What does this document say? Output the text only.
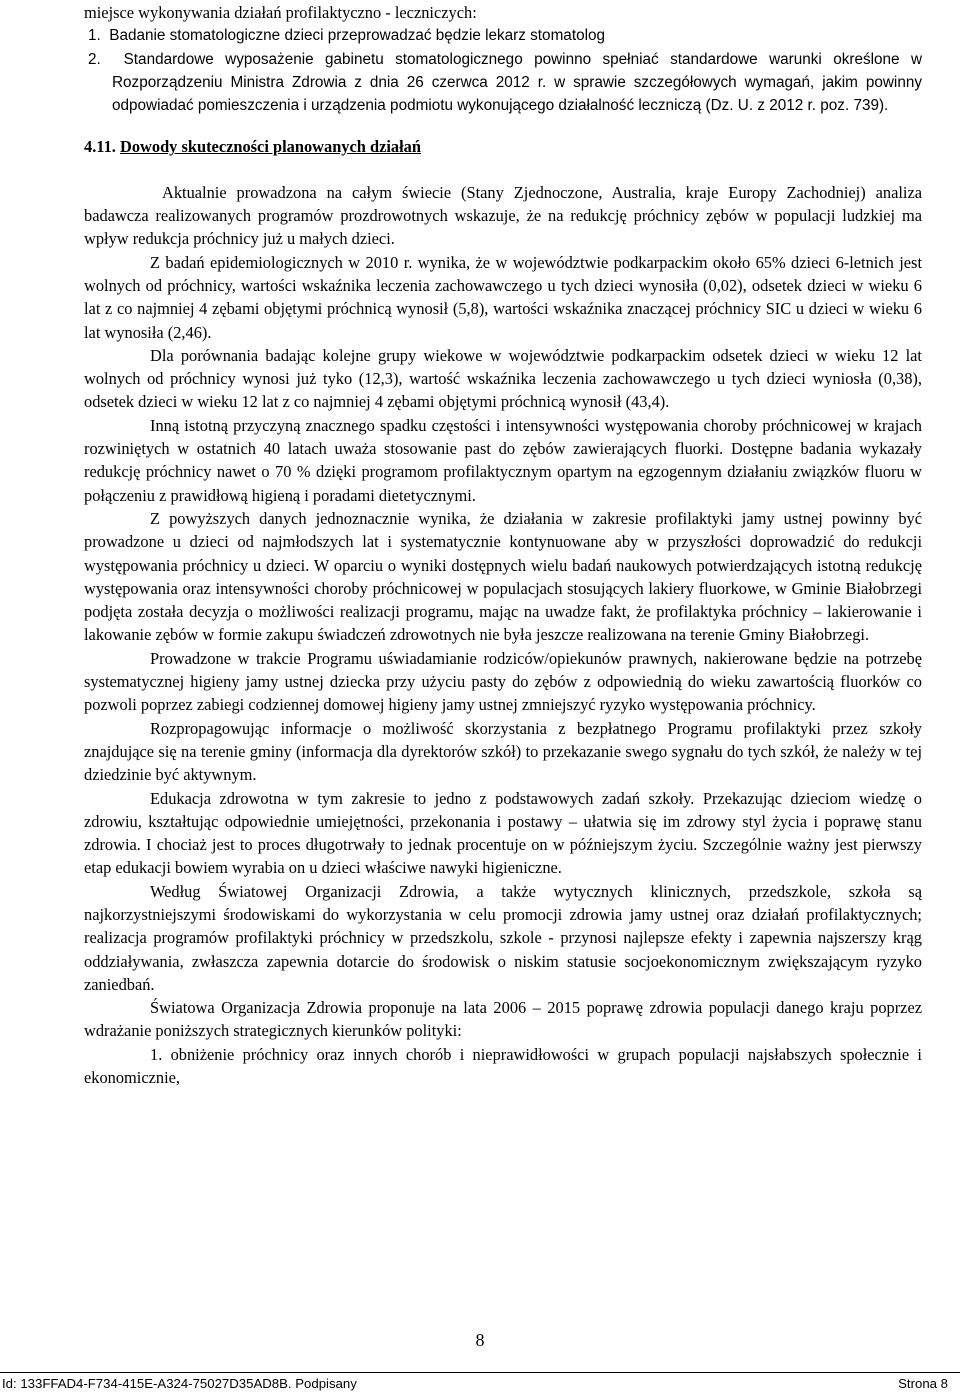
miejsce wykonywania działań profilaktyczno - leczniczych:

1. Badanie stomatologiczne dzieci przeprowadzać będzie lekarz stomatolog

2. Standardowe wyposażenie gabinetu stomatologicznego powinno spełniać standardowe warunki określone w Rozporządzeniu Ministra Zdrowia z dnia 26 czerwca 2012 r. w sprawie szczegółowych wymagań, jakim powinny odpowiadać pomieszczenia i urządzenia podmiotu wykonującego działalność leczniczą (Dz. U. z 2012 r. poz. 739).

4.11. Dowody skuteczności planowanych działań

Aktualnie prowadzona na całym świecie (Stany Zjednoczone, Australia, kraje Europy Zachodniej) analiza badawcza realizowanych programów prozdrowotnych wskazuje, że na redukcję próchnicy zębów w populacji ludzkiej ma wpływ redukcja próchnicy już u małych dzieci.

Z badań epidemiologicznych w 2010 r. wynika, że w województwie podkarpackim około 65% dzieci 6-letnich jest wolnych od próchnicy, wartości wskaźnika leczenia zachowawczego u tych dzieci wynosiła (0,02), odsetek dzieci w wieku 6 lat z co najmniej 4 zębami objętymi próchnicą wynosił (5,8), wartości wskaźnika znaczącej próchnicy SIC u dzieci w wieku 6 lat wynosiła (2,46).

Dla porównania badając kolejne grupy wiekowe w województwie podkarpackim odsetek dzieci w wieku 12 lat wolnych od próchnicy wynosi już tyko (12,3), wartość wskaźnika leczenia zachowawczego u tych dzieci wyniosła (0,38), odsetek dzieci w wieku 12 lat z co najmniej 4 zębami objętymi próchnicą wynosił (43,4).

Inną istotną przyczyną znacznego spadku częstości i intensywności występowania choroby próchnicowej w krajach rozwiniętych w ostatnich 40 latach uważa stosowanie past do zębów zawierających fluorki. Dostępne badania wykazały redukcję próchnicy nawet o 70 % dzięki programom profilaktycznym opartym na egzogennym działaniu związków fluoru w połączeniu z prawidłową higieną i poradami dietetycznymi.

Z powyższych danych jednoznacznie wynika, że działania w zakresie profilaktyki jamy ustnej powinny być prowadzone u dzieci od najmłodszych lat i systematycznie kontynuowane aby w przyszłości doprowadzić do redukcji występowania próchnicy u dzieci. W oparciu o wyniki dostępnych wielu badań naukowych potwierdzających istotną redukcję występowania oraz intensywności choroby próchnicowej w populacjach stosujących lakiery fluorkowe, w Gminie Białobrzegi podjęta została decyzja o możliwości realizacji programu, mając na uwadze fakt, że profilaktyka próchnicy – lakierowanie i lakowanie zębów w formie zakupu świadczeń zdrowotnych nie była jeszcze realizowana na terenie Gminy Białobrzegi.

Prowadzone w trakcie Programu uświadamianie rodziców/opiekunów prawnych, nakierowane będzie na potrzebę systematycznej higieny jamy ustnej dziecka przy użyciu pasty do zębów z odpowiednią do wieku zawartością fluorków co pozwoli poprzez zabiegi codziennej domowej higieny jamy ustnej zmniejszyć ryzyko występowania próchnicy.

Rozpropagowując informacje o możliwość skorzystania z bezpłatnego Programu profilaktyki przez szkoły znajdujące się na terenie gminy (informacja dla dyrektorów szkół) to przekazanie swego sygnału do tych szkół, że należy w tej dziedzinie być aktywnym.

Edukacja zdrowotna w tym zakresie to jedno z podstawowych zadań szkoły. Przekazując dzieciom wiedzę o zdrowiu, kształtując odpowiednie umiejętności, przekonania i postawy – ułatwia się im zdrowy styl życia i poprawę stanu zdrowia. I chociaż jest to proces długotrwały to jednak procentuje on w późniejszym życiu. Szczególnie ważny jest pierwszy etap edukacji bowiem wyrabia on u dzieci właściwe nawyki higieniczne.

Według Światowej Organizacji Zdrowia, a także wytycznych klinicznych, przedszkole, szkoła są najkorzystniejszymi środowiskami do wykorzystania w celu promocji zdrowia jamy ustnej oraz działań profilaktycznych; realizacja programów profilaktyki próchnicy w przedszkolu, szkole - przynosi najlepsze efekty i zapewnia najszerszy krąg oddziaływania, zwłaszcza zapewnia dotarcie do środowisk o niskim statusie socjoekonomicznym zwiększającym ryzyko zaniedbań.

Światowa Organizacja Zdrowia proponuje na lata 2006 – 2015 poprawę zdrowia populacji danego kraju poprzez wdrażanie poniższych strategicznych kierunków polityki:

1. obniżenie próchnicy oraz innych chorób i nieprawidłowości w grupach populacji najsłabszych społecznie i ekonomicznie,

8
Id: 133FFAD4-F734-415E-A324-75027D35AD8B. Podpisany	Strona 8
